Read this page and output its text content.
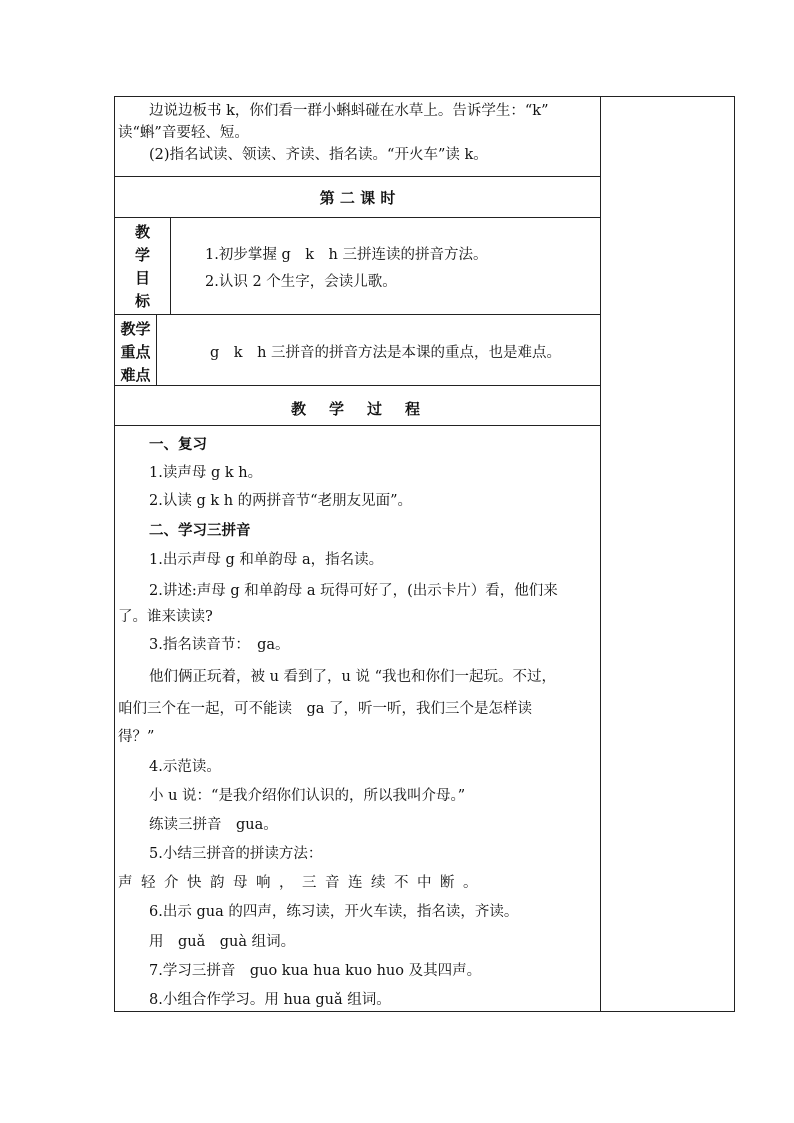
边说边板书 k，你们看一群小蝌蚪碰在水草上。告诉学生：“k”
读“蝌”音要轻、短。
(2)指名试读、领读、齐读、指名读。“开火车”读 k。
第 二 课 时
教
学
目
标
1.初步掌握 g　k　h 三拼连读的拼音方法。
2.认识 2 个生字，会读儿歌。
教学
重点
难点
g　k　h 三拼音的拼音方法是本课的重点，也是难点。
教　学　过　程
一、复习
1.读声母 g k h。
2.认读 g k h 的两拼音节“老朋友见面”。
二、学习三拼音
1.出示声母 g 和单韵母 a，指名读。
2.讲述:声母 g 和单韵母 a 玩得可好了，(出示卡片）看，他们来
了。谁来读读?
3.指名读音节：　ga。
他们俩正玩着，被 u 看到了，u 说 “我也和你们一起玩。不过，
咱们三个在一起，可不能读　ga 了，听一听，我们三个是怎样读
得？”
4.示范读。
小 u 说：“是我介绍你们认识的，所以我叫介母。”
练读三拼音　gua。
5.小结三拼音的拼读方法：
声轻介快韵母响，三音连续不中断。
6.出示 gua 的四声，练习读，开火车读，指名读，齐读。
用　guǎ　guà 组词。
7.学习三拼音　guo kua hua kuo huo 及其四声。
8.小组合作学习。用 hua guǎ 组词。
